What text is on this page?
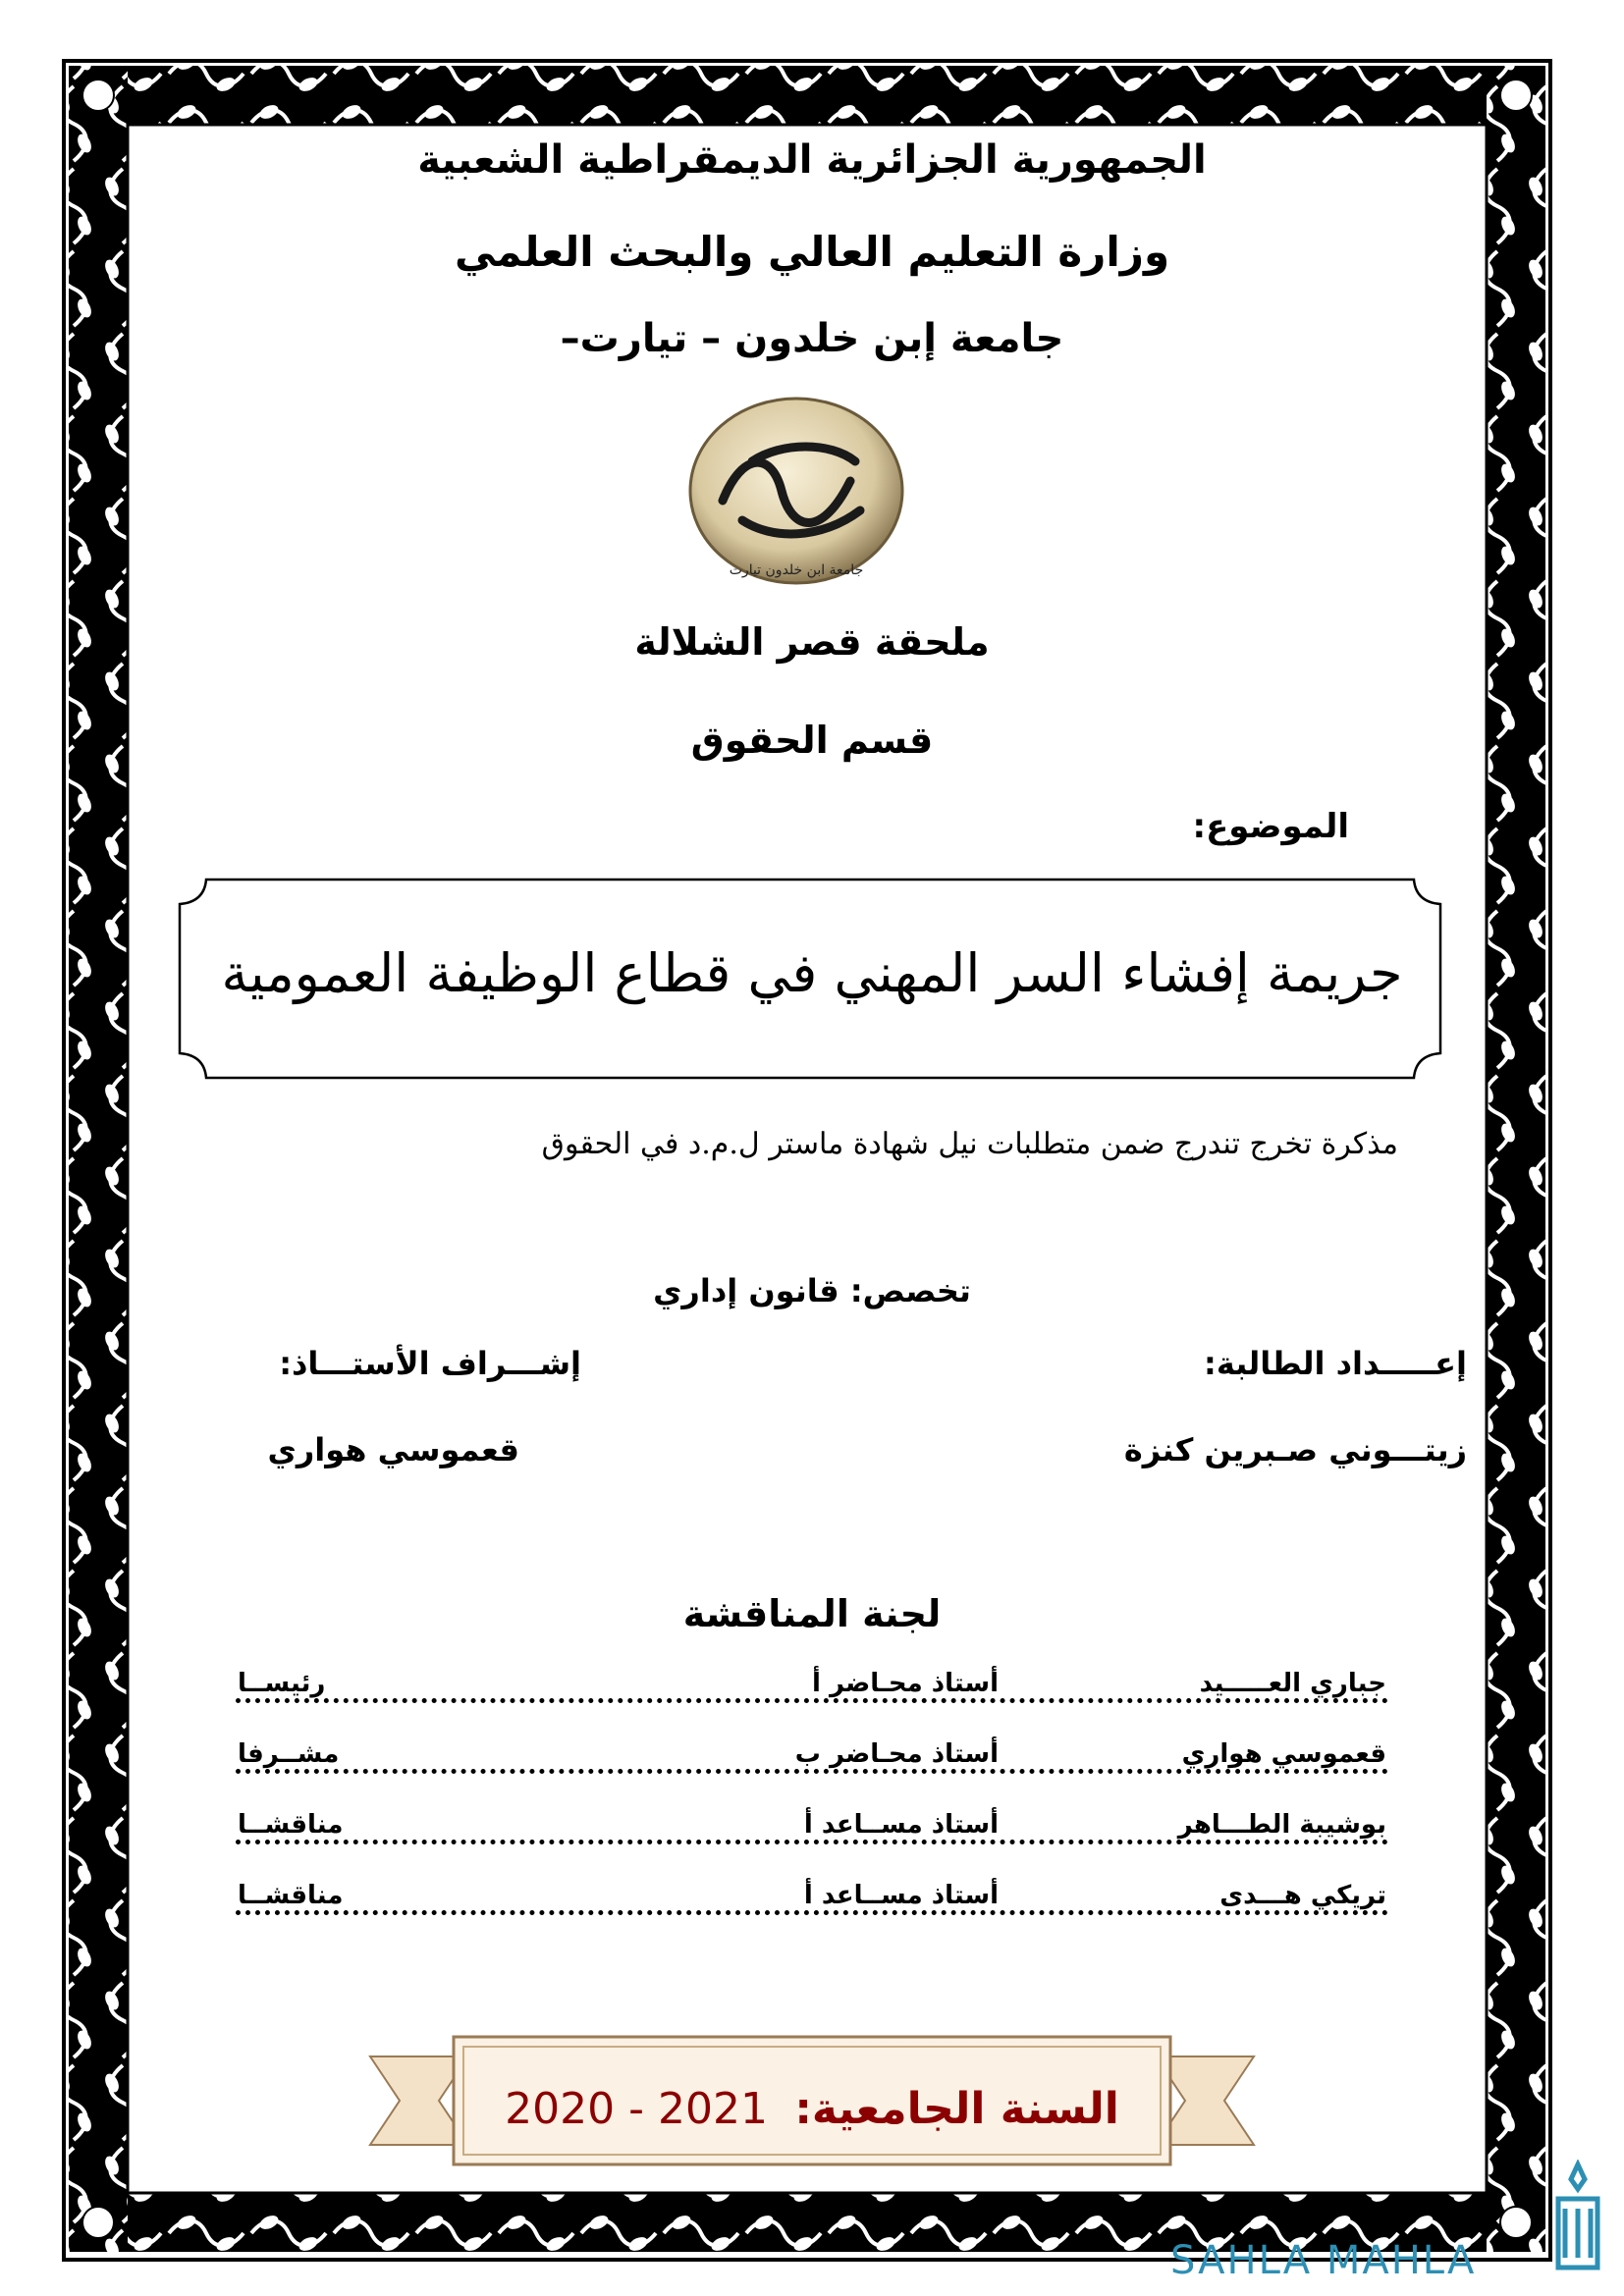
الجمهورية الجزائرية الديمقراطية الشعبية
وزارة التعليم العالي والبحث العلمي
جامعة إبن خلدون – تيارت–
جامعة ابن خلدون تيارت
ملحقة قصر الشلالة
قسم الحقوق
الموضوع:
جريمة إفشاء السر المهني في قطاع الوظيفة العمومية
مذكرة تخرج تندرج ضمن متطلبات نيل شهادة ماستر ل.م.د في الحقوق
تخصص: قانون إداري
إعـــــداد الطالبة:
زيتـــوني صـبرين كنزة
إشـــراف الأستـــاذ:
قعموسي هواري
لجنة المناقشة
جباري العـــــيد
أستاذ محـاضر أ
رئيســا
قعموسي هواري
أستاذ محـاضر ب
مشــرفا
بوشيبة الطـــاهر
أستاذ مســاعد أ
مناقشــا
تريكي هـــدى
أستاذ مســاعد أ
مناقشــا
السنة الجامعية: 2020 - 2021
SAHLA MAHLA
